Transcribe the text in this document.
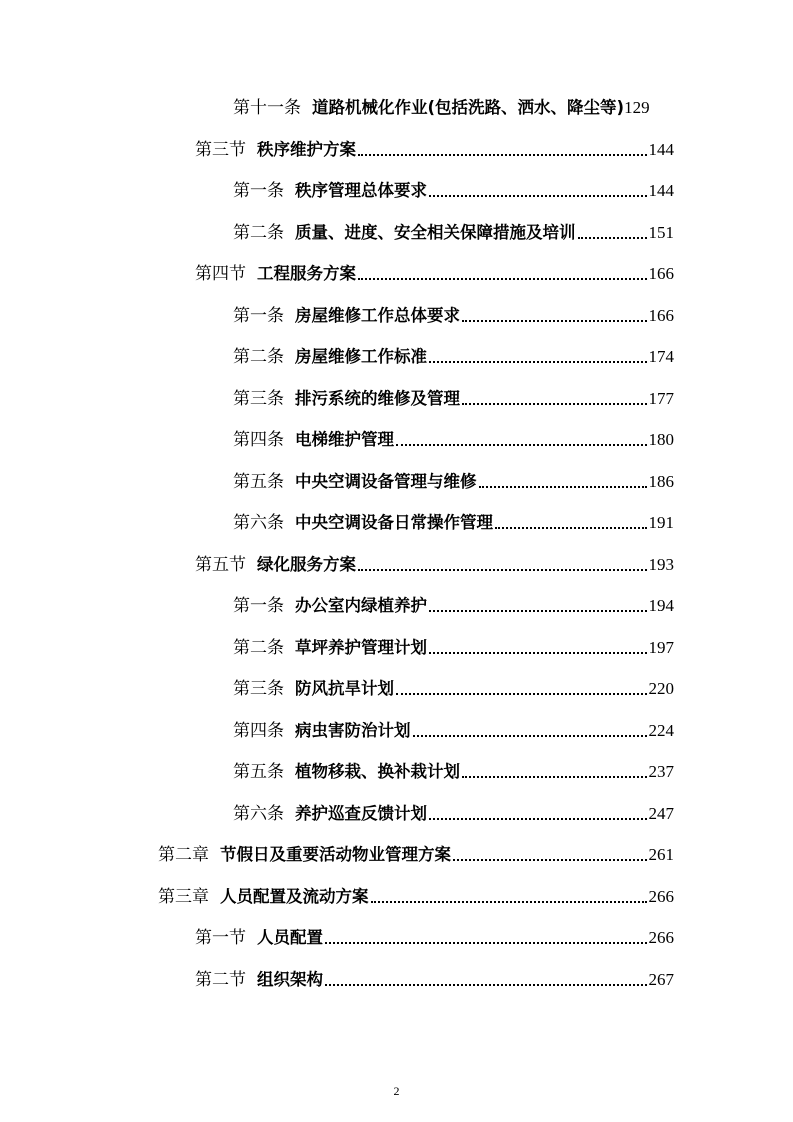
第十一条 道路机械化作业(包括洗路、洒水、降尘等) 129
第三节 秩序维护方案	144
第一条 秩序管理总体要求	144
第二条 质量、进度、安全相关保障措施及培训	151
第四节 工程服务方案	166
第一条 房屋维修工作总体要求	166
第二条 房屋维修工作标准	174
第三条 排污系统的维修及管理	177
第四条 电梯维护管理	180
第五条 中央空调设备管理与维修	186
第六条 中央空调设备日常操作管理	191
第五节 绿化服务方案	193
第一条 办公室内绿植养护	194
第二条 草坪养护管理计划	197
第三条 防风抗旱计划	220
第四条 病虫害防治计划	224
第五条 植物移栽、换补栽计划	237
第六条 养护巡查反馈计划	247
第二章 节假日及重要活动物业管理方案	261
第三章 人员配置及流动方案	266
第一节 人员配置	266
第二节 组织架构	267
2
